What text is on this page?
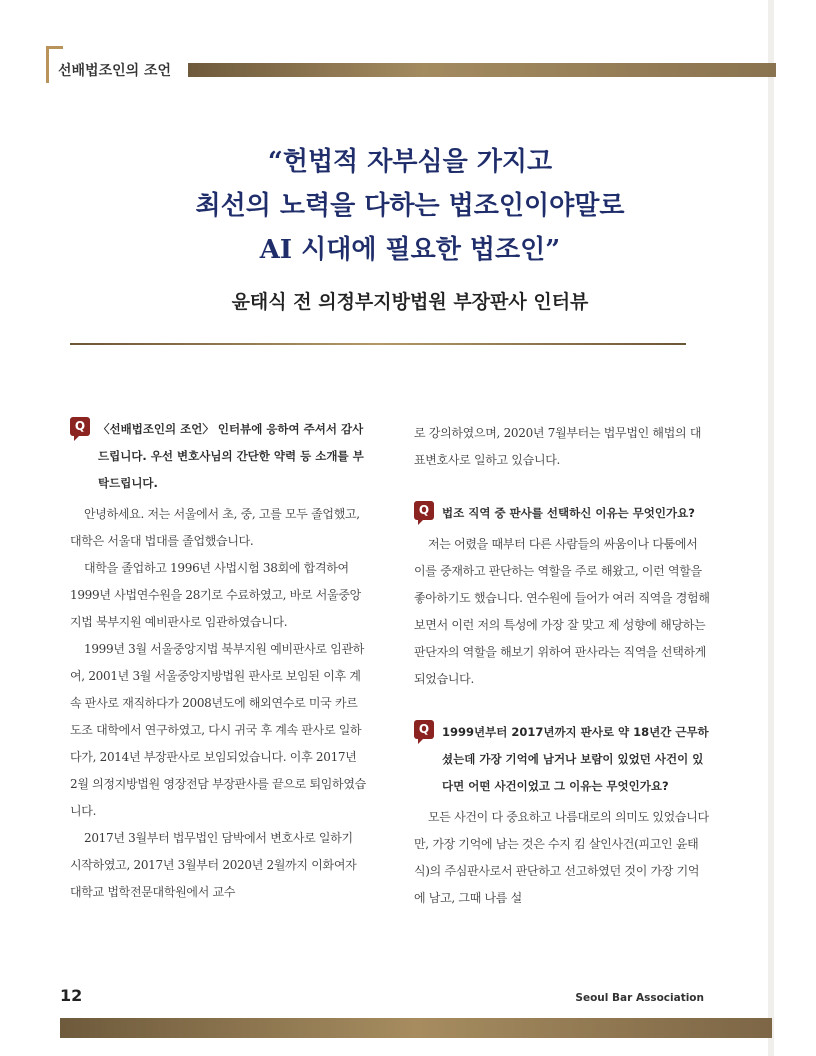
선배법조인의 조언
“헌법적 자부심을 가지고
최선의 노력을 다하는 법조인이야말로
AI 시대에 필요한 법조인”
윤태식 전 의정부지방법원 부장판사 인터뷰
Q	〈선배법조인의 조언〉 인터뷰에 응하여 주셔서 감사드립니다. 우선 변호사님의 간단한 약력 등 소개를 부탁드립니다.

안녕하세요. 저는 서울에서 초, 중, 고를 모두 졸업했고, 대학은 서울대 법대를 졸업했습니다.

대학을 졸업하고 1996년 사법시험 38회에 합격하여 1999년 사법연수원을 28기로 수료하였고, 바로 서울중앙지법 북부지원 예비판사로 임관하였습니다.

1999년 3월 서울중앙지법 북부지원 예비판사로 임관하여, 2001년 3월 서울중앙지방법원 판사로 보임된 이후 계속 판사로 재직하다가 2008년도에 해외연수로 미국 카르도조 대학에서 연구하였고, 다시 귀국 후 계속 판사로 일하다가, 2014년 부장판사로 보임되었습니다. 이후 2017년 2월 의정지방법원 영장전담 부장판사를 끝으로 퇴임하였습니다.

2017년 3월부터 법무법인 담박에서 변호사로 일하기 시작하였고, 2017년 3월부터 2020년 2월까지 이화여자대학교 법학전문대학원에서 교수

로 강의하였으며, 2020년 7월부터는 법무법인 해법의 대표변호사로 일하고 있습니다.

Q	법조 직역 중 판사를 선택하신 이유는 무엇인가요?

저는 어렸을 때부터 다른 사람들의 싸움이나 다툼에서 이를 중재하고 판단하는 역할을 주로 해왔고, 이런 역할을 좋아하기도 했습니다. 연수원에 들어가 여러 직역을 경험해 보면서 이런 저의 특성에 가장 잘 맞고 제 성향에 해당하는 판단자의 역할을 해보기 위하여 판사라는 직역을 선택하게 되었습니다.

Q	1999년부터 2017년까지 판사로 약 18년간 근무하셨는데 가장 기억에 남거나 보람이 있었던 사건이 있다면 어떤 사건이었고 그 이유는 무엇인가요?

모든 사건이 다 중요하고 나름대로의 의미도 있었습니다만, 가장 기억에 남는 것은 수지 킴 살인사건(피고인 윤태식)의 주심판사로서 판단하고 선고하였던 것이 가장 기억에 남고, 그때 나름 설

12	Seoul Bar Association
